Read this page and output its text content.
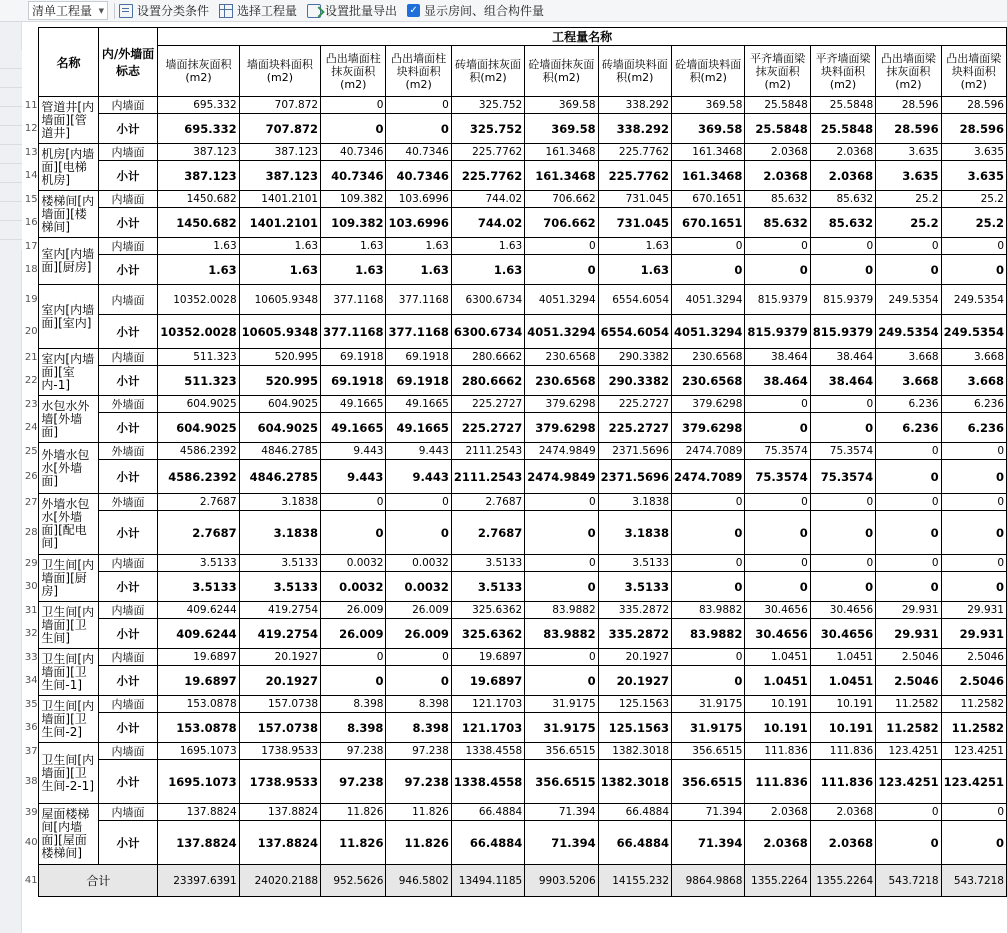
清单工程量 ▼	设置分类条件 选择工程量 设置批量导出 ✓ 显示房间、组合构件量
	名称	内/外墙面标志	工程量名称											
			墙面抹灰面积(m2)	墙面块料面积(m2)	凸出墙面柱抹灰面积(m2)	凸出墙面柱块料面积(m2)	砖墙面抹灰面积(m2)	砼墙面抹灰面积(m2)	砖墙面块料面积(m2)	砼墙面块料面积(m2)	平齐墙面梁抹灰面积(m2)	平齐墙面梁块料面积(m2)	凸出墙面梁抹灰面积(m2)	凸出墙面梁块料面积(m2)
11	管道井[内墙面][管道井]	内墙面	695.332	707.872	0	0	325.752	369.58	338.292	369.58	25.5848	25.5848	28.596	28.596
12		小计	695.332	707.872	0	0	325.752	369.58	338.292	369.58	25.5848	25.5848	28.596	28.596
13	机房[内墙面][电梯机房]	内墙面	387.123	387.123	40.7346	40.7346	225.7762	161.3468	225.7762	161.3468	2.0368	2.0368	3.635	3.635
14		小计	387.123	387.123	40.7346	40.7346	225.7762	161.3468	225.7762	161.3468	2.0368	2.0368	3.635	3.635
15	楼梯间[内墙面][楼梯间]	内墙面	1450.682	1401.2101	109.382	103.6996	744.02	706.662	731.045	670.1651	85.632	85.632	25.2	25.2
16		小计	1450.682	1401.2101	109.382	103.6996	744.02	706.662	731.045	670.1651	85.632	85.632	25.2	25.2
17	室内[内墙面][厨房]	内墙面	1.63	1.63	1.63	1.63	1.63	0	1.63	0	0	0	0	0
18		小计	1.63	1.63	1.63	1.63	1.63	0	1.63	0	0	0	0	0
19	室内[内墙面][室内]	内墙面	10352.0028	10605.9348	377.1168	377.1168	6300.6734	4051.3294	6554.6054	4051.3294	815.9379	815.9379	249.5354	249.5354
20		小计	10352.0028	10605.9348	377.1168	377.1168	6300.6734	4051.3294	6554.6054	4051.3294	815.9379	815.9379	249.5354	249.5354
21	室内[内墙面][室内-1]	内墙面	511.323	520.995	69.1918	69.1918	280.6662	230.6568	290.3382	230.6568	38.464	38.464	3.668	3.668
22		小计	511.323	520.995	69.1918	69.1918	280.6662	230.6568	290.3382	230.6568	38.464	38.464	3.668	3.668
23	水包水外墙[外墙面]	外墙面	604.9025	604.9025	49.1665	49.1665	225.2727	379.6298	225.2727	379.6298	0	0	6.236	6.236
24		小计	604.9025	604.9025	49.1665	49.1665	225.2727	379.6298	225.2727	379.6298	0	0	6.236	6.236
25	外墙水包水[外墙面]	外墙面	4586.2392	4846.2785	9.443	9.443	2111.2543	2474.9849	2371.5696	2474.7089	75.3574	75.3574	0	0
26		小计	4586.2392	4846.2785	9.443	9.443	2111.2543	2474.9849	2371.5696	2474.7089	75.3574	75.3574	0	0
27	外墙水包水[外墙面][配电间]	外墙面	2.7687	3.1838	0	0	2.7687	0	3.1838	0	0	0	0	0
28		小计	2.7687	3.1838	0	0	2.7687	0	3.1838	0	0	0	0	0
29	卫生间[内墙面][厨房]	内墙面	3.5133	3.5133	0.0032	0.0032	3.5133	0	3.5133	0	0	0	0	0
30		小计	3.5133	3.5133	0.0032	0.0032	3.5133	0	3.5133	0	0	0	0	0
31	卫生间[内墙面][卫生间]	内墙面	409.6244	419.2754	26.009	26.009	325.6362	83.9882	335.2872	83.9882	30.4656	30.4656	29.931	29.931
32		小计	409.6244	419.2754	26.009	26.009	325.6362	83.9882	335.2872	83.9882	30.4656	30.4656	29.931	29.931
33	卫生间[内墙面][卫生间-1]	内墙面	19.6897	20.1927	0	0	19.6897	0	20.1927	0	1.0451	1.0451	2.5046	2.5046
34		小计	19.6897	20.1927	0	0	19.6897	0	20.1927	0	1.0451	1.0451	2.5046	2.5046
35	卫生间[内墙面][卫生间-2]	内墙面	153.0878	157.0738	8.398	8.398	121.1703	31.9175	125.1563	31.9175	10.191	10.191	11.2582	11.2582
36		小计	153.0878	157.0738	8.398	8.398	121.1703	31.9175	125.1563	31.9175	10.191	10.191	11.2582	11.2582
37	卫生间[内墙面][卫生间-2-1]	内墙面	1695.1073	1738.9533	97.238	97.238	1338.4558	356.6515	1382.3018	356.6515	111.836	111.836	123.4251	123.4251
38		小计	1695.1073	1738.9533	97.238	97.238	1338.4558	356.6515	1382.3018	356.6515	111.836	111.836	123.4251	123.4251
39	屋面楼梯间[内墙面][屋面楼梯间]	内墙面	137.8824	137.8824	11.826	11.826	66.4884	71.394	66.4884	71.394	2.0368	2.0368	0	0
40		小计	137.8824	137.8824	11.826	11.826	66.4884	71.394	66.4884	71.394	2.0368	2.0368	0	0
41	合计		23397.6391	24020.2188	952.5626	946.5802	13494.1185	9903.5206	14155.232	9864.9868	1355.2264	1355.2264	543.7218	543.7218
